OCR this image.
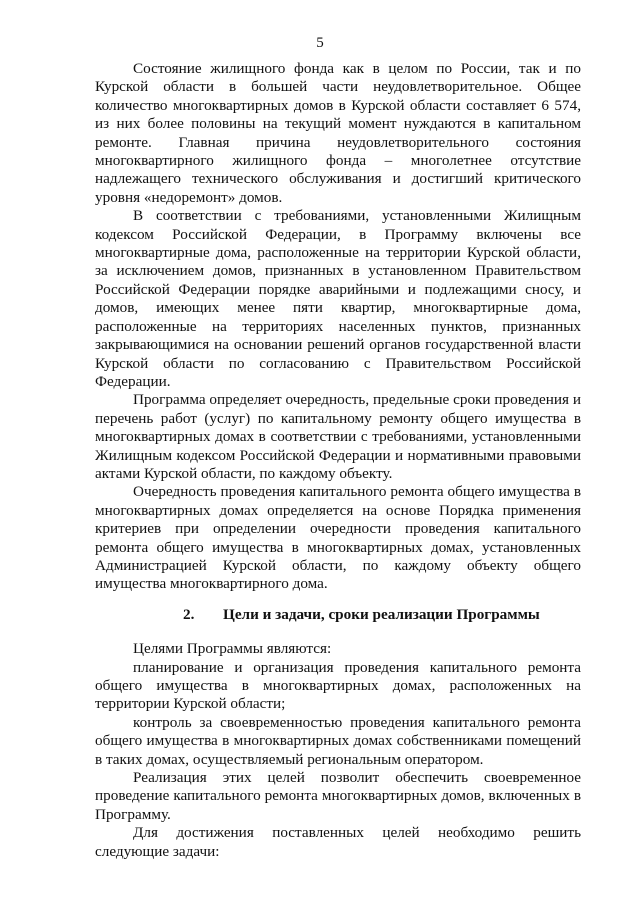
5

Состояние жилищного фонда как в целом по России, так и по Курской области в большей части неудовлетворительное. Общее количество многоквартирных домов в Курской области составляет 6 574, из них более половины на текущий момент нуждаются в капитальном ремонте. Главная причина неудовлетворительного состояния многоквартирного жилищного фонда – многолетнее отсутствие надлежащего технического обслуживания и достигший критического уровня «недоремонт» домов.

В соответствии с требованиями, установленными Жилищным кодексом Российской Федерации, в Программу включены все многоквартирные дома, расположенные на территории Курской области, за исключением домов, признанных в установленном Правительством Российской Федерации порядке аварийными и подлежащими сносу, и домов, имеющих менее пяти квартир, многоквартирные дома, расположенные на территориях населенных пунктов, признанных закрывающимися на основании решений органов государственной власти Курской области по согласованию с Правительством Российской Федерации.

Программа определяет очередность, предельные сроки проведения и перечень работ (услуг) по капитальному ремонту общего имущества в многоквартирных домах в соответствии с требованиями, установленными Жилищным кодексом Российской Федерации и нормативными правовыми актами Курской области, по каждому объекту.

Очередность проведения капитального ремонта общего имущества в многоквартирных домах определяется на основе Порядка применения критериев при определении очередности проведения капитального ремонта общего имущества в многоквартирных домах, установленных Администрацией Курской области, по каждому объекту общего имущества многоквартирного дома.

2. Цели и задачи, сроки реализации Программы

Целями Программы являются:

планирование и организация проведения капитального ремонта общего имущества в многоквартирных домах, расположенных на территории Курской области;

контроль за своевременностью проведения капитального ремонта общего имущества в многоквартирных домах собственниками помещений в таких домах, осуществляемый региональным оператором.

Реализация этих целей позволит обеспечить своевременное проведение капитального ремонта многоквартирных домов, включенных в Программу.

Для достижения поставленных целей необходимо решить следующие задачи:
